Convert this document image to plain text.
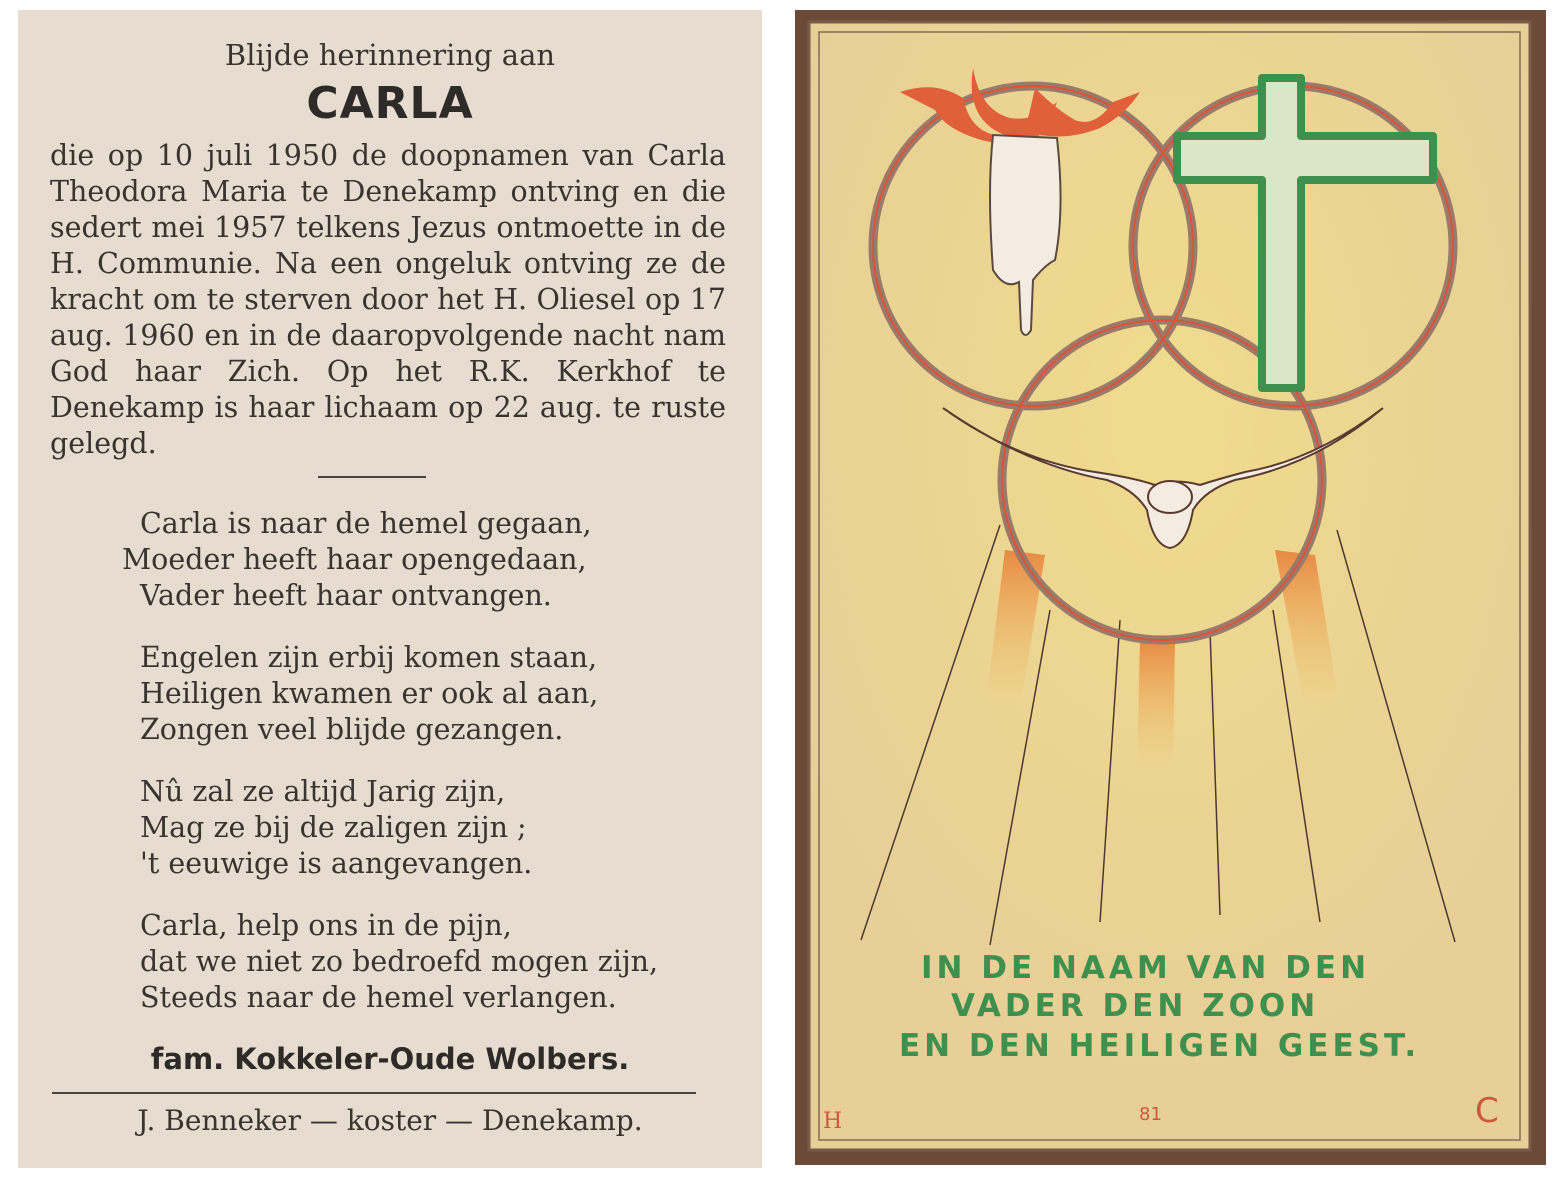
Blijde herinnering aan
CARLA
die op 10 juli 1950 de doopnamen van Carla Theodora Maria te Denekamp ontving en die sedert mei 1957 telkens Jezus ontmoette in de H. Communie. Na een ongeluk ontving ze de kracht om te sterven door het H. Oliesel op 17 aug. 1960 en in de daaropvolgende nacht nam God haar Zich. Op het R.K. Kerkhof te Denekamp is haar lichaam op 22 aug. te ruste gelegd.
Carla is naar de hemel gegaan,
Moeder heeft haar opengedaan,
Vader heeft haar ontvangen.
Engelen zijn erbij komen staan,
Heiligen kwamen er ook al aan,
Zongen veel blijde gezangen.
Nû zal ze altijd Jarig zijn,
Mag ze bij de zaligen zijn ;
't eeuwige is aangevangen.
Carla, help ons in de pijn,
dat we niet zo bedroefd mogen zijn,
Steeds naar de hemel verlangen.
fam. Kokkeler-Oude Wolbers.
J. Benneker — koster — Denekamp.	H	C
IN DE NAAM VAN DEN
VADER DEN ZOON
EN DEN HEILIGEN GEEST.
81
